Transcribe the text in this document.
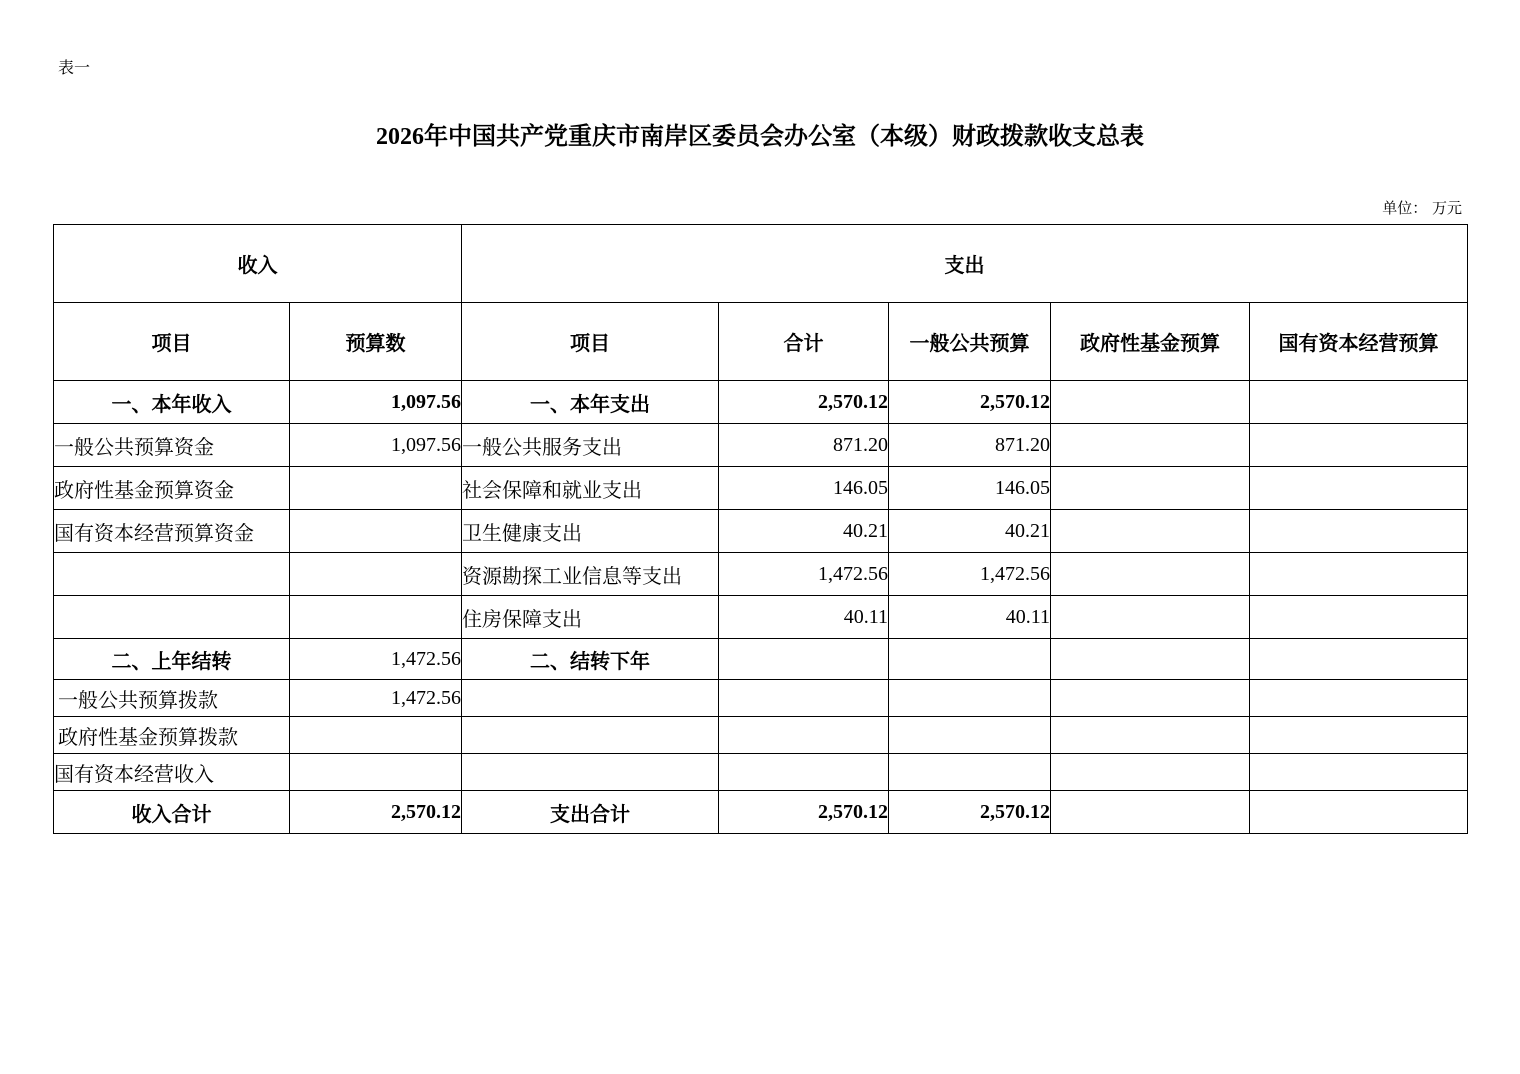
表一
2026年中国共产党重庆市南岸区委员会办公室（本级）财政拨款收支总表
单位： 万元
收入		支出				
项目	预算数	项目	合计	一般公共预算	政府性基金预算	国有资本经营预算
一、本年收入	1,097.56	一、本年支出	2,570.12	2,570.12		
一般公共预算资金	1,097.56	一般公共服务支出	871.20	871.20		
政府性基金预算资金		社会保障和就业支出	146.05	146.05		
国有资本经营预算资金		卫生健康支出	40.21	40.21		
		资源勘探工业信息等支出	1,472.56	1,472.56		
		住房保障支出	40.11	40.11		
二、上年结转	1,472.56	二、结转下年				
一般公共预算拨款	1,472.56					
政府性基金预算拨款						
国有资本经营收入						
收入合计	2,570.12	支出合计	2,570.12	2,570.12		
